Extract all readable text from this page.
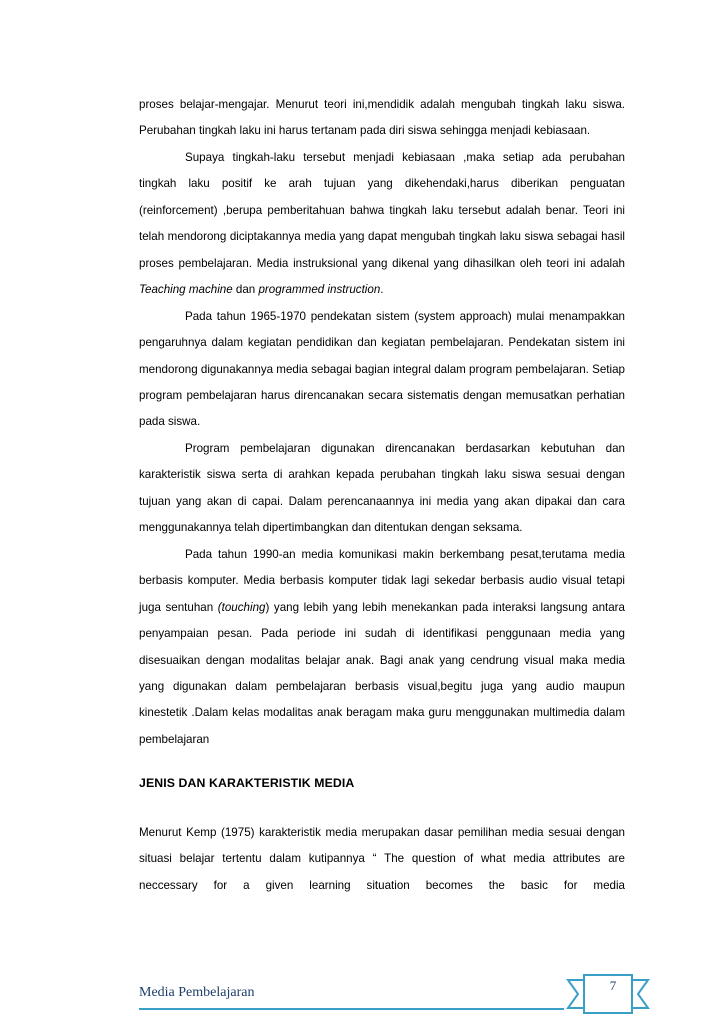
proses belajar-mengajar. Menurut teori ini,mendidik adalah mengubah tingkah laku siswa. Perubahan tingkah laku ini harus tertanam pada diri siswa sehingga menjadi kebiasaan.

Supaya tingkah-laku tersebut menjadi kebiasaan ,maka setiap ada perubahan tingkah laku positif ke arah tujuan yang dikehendaki,harus diberikan penguatan (reinforcement) ,berupa pemberitahuan bahwa tingkah laku tersebut adalah benar. Teori ini telah mendorong diciptakannya media yang dapat mengubah tingkah laku siswa sebagai hasil proses pembelajaran. Media instruksional yang dikenal yang dihasilkan oleh teori ini adalah Teaching machine dan programmed instruction.

Pada tahun 1965-1970 pendekatan sistem (system approach) mulai menampakkan pengaruhnya dalam kegiatan pendidikan dan kegiatan pembelajaran. Pendekatan sistem ini mendorong digunakannya media sebagai bagian integral dalam program pembelajaran. Setiap program pembelajaran harus direncanakan secara sistematis dengan memusatkan perhatian pada siswa.

Program pembelajaran digunakan direncanakan berdasarkan kebutuhan dan karakteristik siswa serta di arahkan kepada perubahan tingkah laku siswa sesuai dengan tujuan yang akan di capai. Dalam perencanaannya ini media yang akan dipakai dan cara menggunakannya telah dipertimbangkan dan ditentukan dengan seksama.

Pada tahun 1990-an media komunikasi makin berkembang pesat,terutama media berbasis komputer. Media berbasis komputer tidak lagi sekedar berbasis audio visual tetapi juga sentuhan (touching) yang lebih yang lebih menekankan pada interaksi langsung antara penyampaian pesan. Pada periode ini sudah di identifikasi penggunaan media yang disesuaikan dengan modalitas belajar anak. Bagi anak yang cendrung visual maka media yang digunakan dalam pembelajaran berbasis visual,begitu juga yang audio maupun kinestetik .Dalam kelas modalitas anak beragam maka guru menggunakan multimedia dalam pembelajaran

JENIS DAN KARAKTERISTIK MEDIA

Menurut Kemp (1975) karakteristik media merupakan dasar pemilihan media sesuai dengan situasi belajar tertentu dalam kutipannya “ The question of what media attributes are neccessary for a given learning situation becomes the basic for media

Media Pembelajaran	7
